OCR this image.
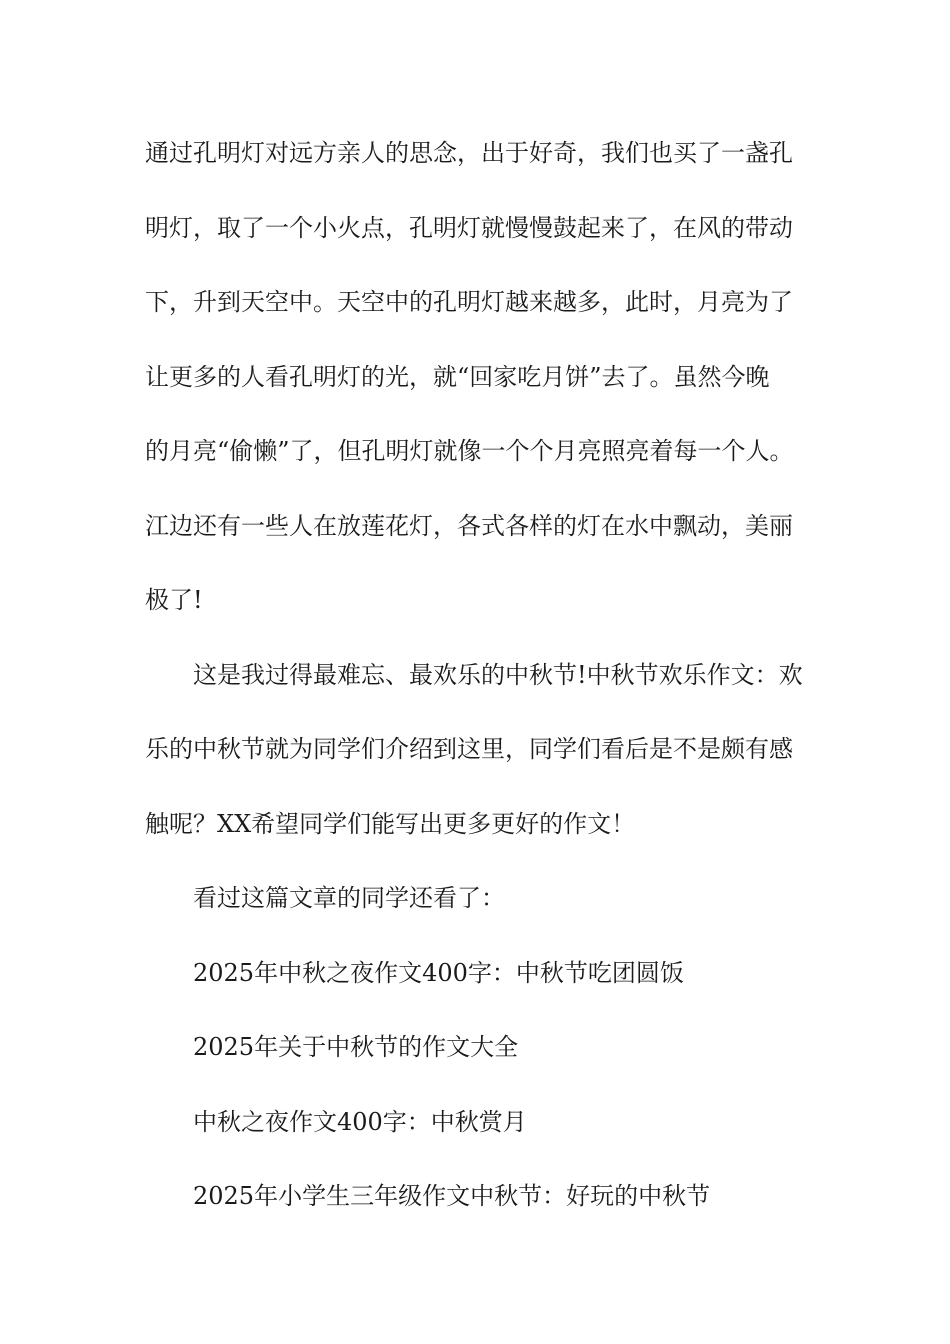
通过孔明灯对远方亲人的思念，出于好奇，我们也买了一盏孔
明灯，取了一个小火点，孔明灯就慢慢鼓起来了，在风的带动
下，升到天空中。天空中的孔明灯越来越多，此时，月亮为了
让更多的人看孔明灯的光，就“回家吃月饼”去了。虽然今晚
的月亮“偷懒”了，但孔明灯就像一个个月亮照亮着每一个人。
江边还有一些人在放莲花灯，各式各样的灯在水中飘动，美丽
极了!
这是我过得最难忘、最欢乐的中秋节!中秋节欢乐作文：欢
乐的中秋节就为同学们介绍到这里，同学们看后是不是颇有感
触呢？XX希望同学们能写出更多更好的作文！
看过这篇文章的同学还看了：
2025年中秋之夜作文400字：中秋节吃团圆饭
2025年关于中秋节的作文大全
中秋之夜作文400字：中秋赏月
2025年小学生三年级作文中秋节：好玩的中秋节
